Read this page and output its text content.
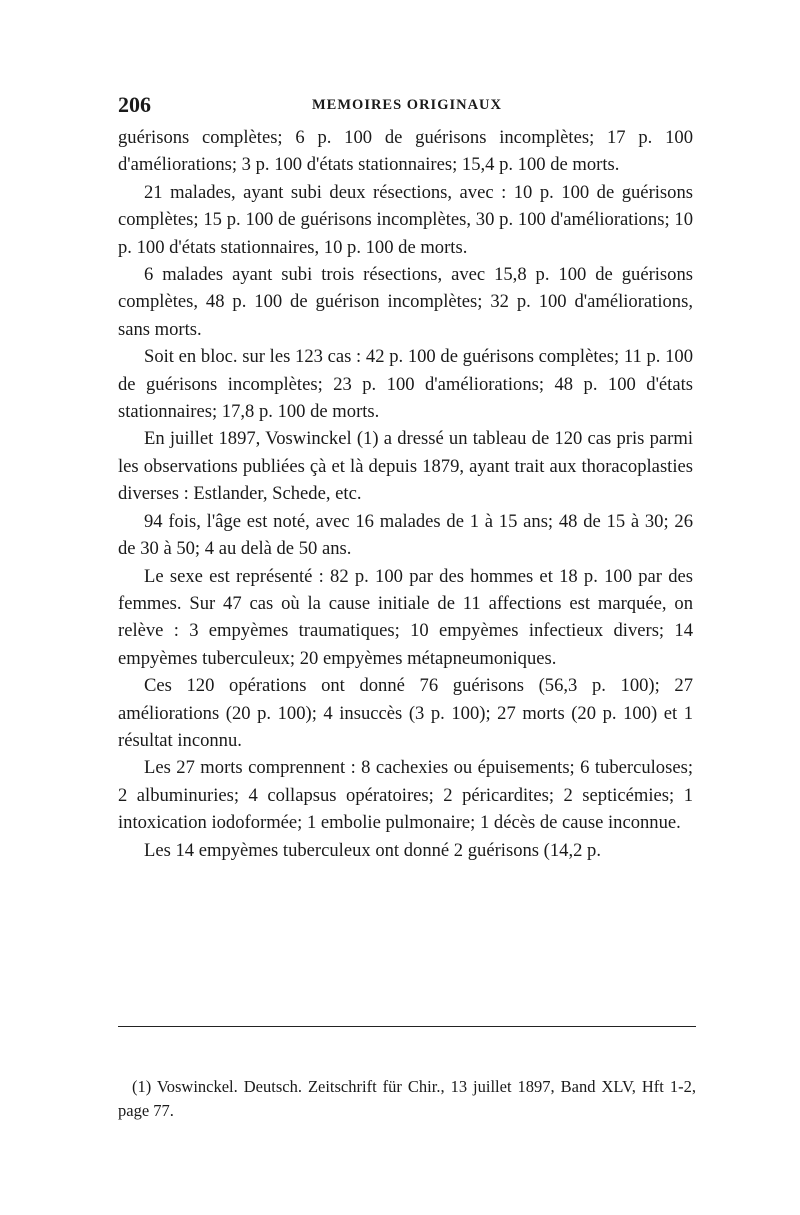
206	MEMOIRES ORIGINAUX

guérisons complètes; 6 p. 100 de guérisons incomplètes; 17 p. 100 d'améliorations; 3 p. 100 d'états stationnaires; 15,4 p. 100 de morts.

21 malades, ayant subi deux résections, avec : 10 p. 100 de guérisons complètes; 15 p. 100 de guérisons incomplètes, 30 p. 100 d'améliorations; 10 p. 100 d'états stationnaires, 10 p. 100 de morts.

6 malades ayant subi trois résections, avec 15,8 p. 100 de guérisons complètes, 48 p. 100 de guérison incomplètes; 32 p. 100 d'améliorations, sans morts.

Soit en bloc. sur les 123 cas : 42 p. 100 de guérisons complètes; 11 p. 100 de guérisons incomplètes; 23 p. 100 d'améliorations; 48 p. 100 d'états stationnaires; 17,8 p. 100 de morts.

En juillet 1897, Voswinckel (1) a dressé un tableau de 120 cas pris parmi les observations publiées çà et là depuis 1879, ayant trait aux thoracoplasties diverses : Estlander, Schede, etc.

94 fois, l'âge est noté, avec 16 malades de 1 à 15 ans; 48 de 15 à 30; 26 de 30 à 50; 4 au delà de 50 ans.

Le sexe est représenté : 82 p. 100 par des hommes et 18 p. 100 par des femmes. Sur 47 cas où la cause initiale de 11 affections est marquée, on relève : 3 empyèmes traumatiques; 10 empyèmes infectieux divers; 14 empyèmes tuberculeux; 20 empyèmes métapneumoniques.

Ces 120 opérations ont donné 76 guérisons (56,3 p. 100); 27 améliorations (20 p. 100); 4 insuccès (3 p. 100); 27 morts (20 p. 100) et 1 résultat inconnu.

Les 27 morts comprennent : 8 cachexies ou épuisements; 6 tuberculoses; 2 albuminuries; 4 collapsus opératoires; 2 péricardites; 2 septicémies; 1 intoxication iodoformée; 1 embolie pulmonaire; 1 décès de cause inconnue.

Les 14 empyèmes tuberculeux ont donné 2 guérisons (14,2 p.

(1) Voswinckel. Deutsch. Zeitschrift für Chir., 13 juillet 1897, Band XLV, Hft 1-2, page 77.
